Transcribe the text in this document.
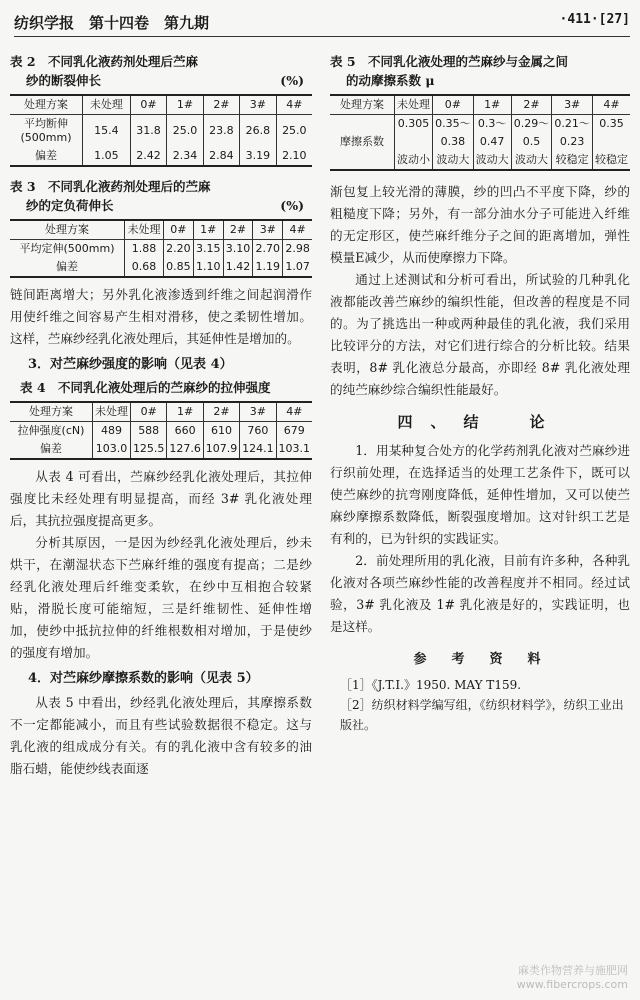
纺织学报　第十四卷　第九期	·411·[27]
表 2　不同乳化液药剂处理后苎麻
纱的断裂伸长	(%)
处理方案	未处理	0#	1#	2#	3#	4#

平均断伸
(500mm)	15.4	31.8	25.0	23.8	26.8	25.0
偏差	1.05	2.42	2.34	2.84	3.19	2.10
表 3　不同乳化液药剂处理后的苎麻
纱的定负荷伸长	(%)
处理方案	未处理	0#	1#	2#	3#	4#
平均定伸(500mm)	1.88	2.20	3.15	3.10	2.70	2.98
偏差	0.68	0.85	1.10	1.42	1.19	1.07

链间距离增大；另外乳化液渗透到纤维之间起润滑作用使纤维之间容易产生相对滑移，使之柔韧性增加。这样，苎麻纱经乳化液处理后，其延伸性是增加的。

3．对苎麻纱强度的影响（见表 4）
表 4　不同乳化液处理后的苎麻纱的拉伸强度
处理方案	未处理	0#	1#	2#	3#	4#
拉伸强度(cN)	489	588	660	610	760	679
偏差	103.0	125.5	127.6	107.9	124.1	103.1

从表 4 可看出，苎麻纱经乳化液处理后，其拉伸强度比未经处理有明显提高，而经 3# 乳化液处理后，其抗拉强度提高更多。

分析其原因，一是因为纱经乳化液处理后，纱未烘干，在潮湿状态下苎麻纤维的强度有提高；二是纱经乳化液处理后纤维变柔软，在纱中互相抱合较紧贴，滑脱长度可能缩短，三是纤维韧性、延伸性增加，使纱中抵抗拉伸的纤维根数相对增加，于是使纱的强度有增加。

4．对苎麻纱摩擦系数的影响（见表 5）

从表 5 中看出，纱经乳化液处理后，其摩擦系数不一定都能减小，而且有些试验数据很不稳定。这与乳化液的组成成分有关。有的乳化液中含有较多的油脂石蜡，能使纱线表面逐

表 5　不同乳化液处理的苎麻纱与金属之间
的动摩擦系数 μ
处理方案	未处理	0#	1#	2#	3#	4#
摩擦系数	0.305	0.35～	0.3～	0.29～	0.21～	0.35
		0.38	0.47	0.5	0.23	
	波动小	波动大	波动大	波动大	较稳定	较稳定

渐包复上较光滑的薄膜，纱的凹凸不平度下降，纱的粗糙度下降；另外，有一部分油水分子可能进入纤维的无定形区，使苎麻纤维分子之间的距离增加，弹性模量E减少，从而使摩擦力下降。

通过上述测试和分析可看出，所试验的几种乳化液都能改善苎麻纱的编织性能，但改善的程度是不同的。为了挑选出一种或两种最佳的乳化液，我们采用比较评分的方法，对它们进行综合的分析比较。结果表明，8# 乳化液总分最高，亦即经 8# 乳化液处理的纯苎麻纱综合编织性能最好。

四、结　论

1．用某种复合处方的化学药剂乳化液对苎麻纱进行织前处理，在选择适当的处理工艺条件下，既可以使苎麻纱的抗弯刚度降低，延伸性增加，又可以使苎麻纱摩擦系数降低，断裂强度增加。这对针织工艺是有利的，已为针织的实践证实。

2．前处理所用的乳化液，目前有许多种，各种乳化液对各项苎麻纱性能的改善程度并不相同。经过试验，3# 乳化液及 1# 乳化液是好的，实践证明，也是这样。

参　考　资　料
［1］《J.T.I.》1950. MAY T159.
［2］纺织材料学编写组，《纺织材料学》，纺织工业出版社。
麻类作物营养与施肥网
www.fibercrops.com
